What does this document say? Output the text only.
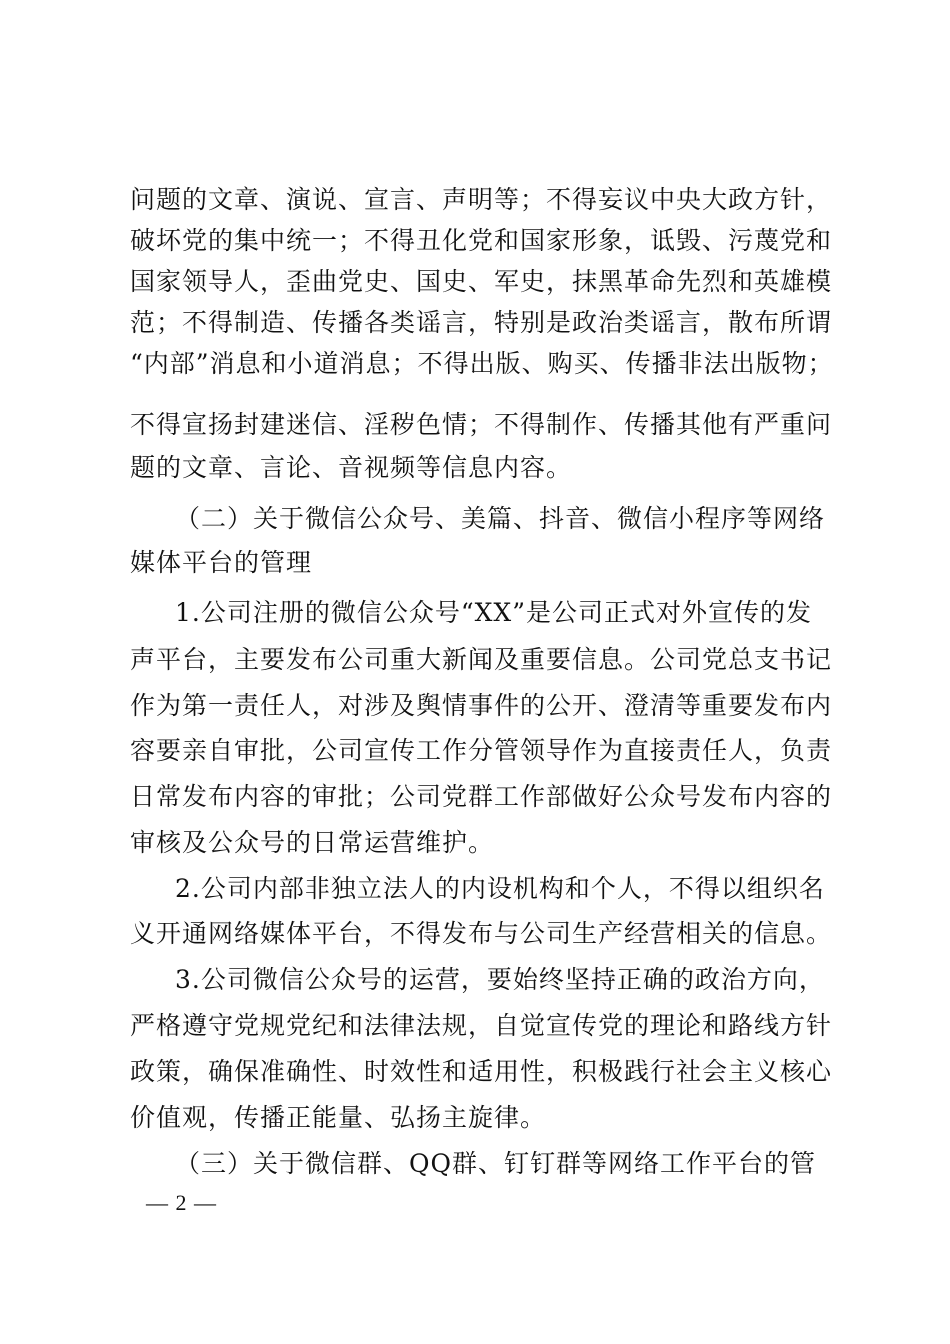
问题的文章、演说、宣言、声明等；不得妄议中央大政方针，
破坏党的集中统一；不得丑化党和国家形象，诋毁、污蔑党和
国家领导人，歪曲党史、国史、军史，抹黑革命先烈和英雄模
范；不得制造、传播各类谣言，特别是政治类谣言，散布所谓
“内部”消息和小道消息；不得出版、购买、传播非法出版物；
不得宣扬封建迷信、淫秽色情；不得制作、传播其他有严重问
题的文章、言论、音视频等信息内容。
（二）关于微信公众号、美篇、抖音、微信小程序等网络
媒体平台的管理
1.公司注册的微信公众号“XX”是公司正式对外宣传的发
声平台，主要发布公司重大新闻及重要信息。公司党总支书记
作为第一责任人，对涉及舆情事件的公开、澄清等重要发布内
容要亲自审批，公司宣传工作分管领导作为直接责任人，负责
日常发布内容的审批；公司党群工作部做好公众号发布内容的
审核及公众号的日常运营维护。
2.公司内部非独立法人的内设机构和个人，不得以组织名
义开通网络媒体平台，不得发布与公司生产经营相关的信息。
3.公司微信公众号的运营，要始终坚持正确的政治方向，
严格遵守党规党纪和法律法规，自觉宣传党的理论和路线方针
政策，确保准确性、时效性和适用性，积极践行社会主义核心
价值观，传播正能量、弘扬主旋律。
（三）关于微信群、QQ群、钉钉群等网络工作平台的管
— 2 —
